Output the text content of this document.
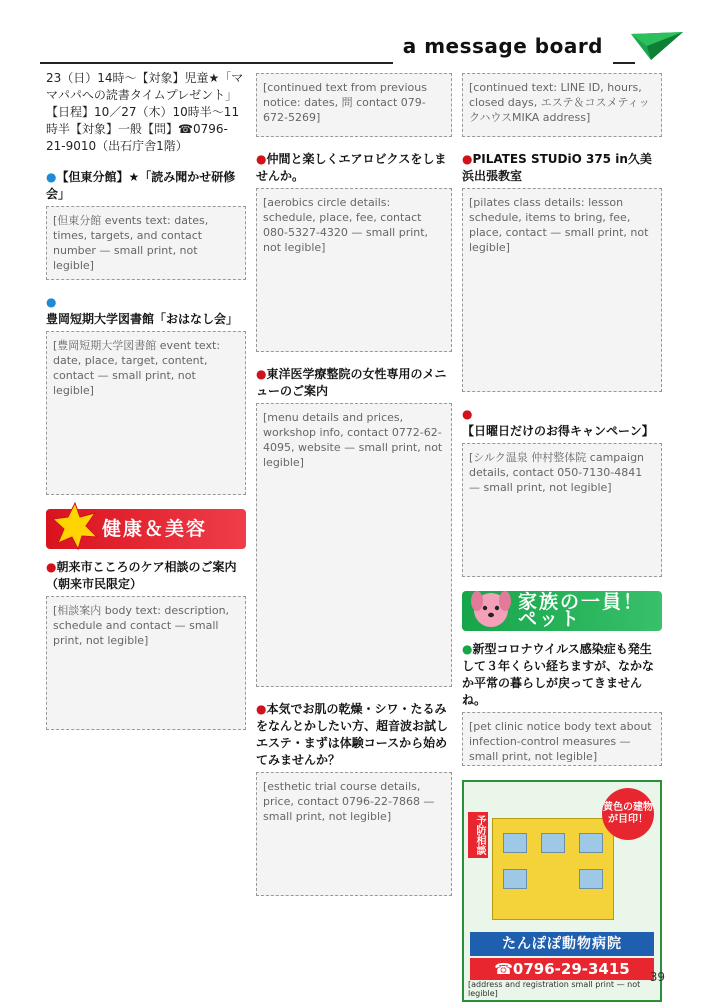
a message board
23（日）14時～【対象】児童★「ママパパへの読書タイムプレゼント」【日程】10／27（木）10時半～11時半【対象】一般【問】☎0796-21-9010（出石庁舎1階）
●【但東分館】★「読み聞かせ研修会」
[但東分館 events text: dates, times, targets, and contact number — small print, not legible]
●豊岡短期大学図書館「おはなし会」
[豊岡短期大学図書館 event text: date, place, target, content, contact — small print, not legible]
健康＆美容
●朝来市こころのケア相談のご案内（朝来市民限定）
[相談案内 body text: description, schedule and contact — small print, not legible]
[continued text from previous notice: dates, 問 contact 079-672-5269]
●仲間と楽しくエアロビクスをしませんか。
[aerobics circle details: schedule, place, fee, contact 080-5327-4320 — small print, not legible]
●東洋医学療整院の女性専用のメニューのご案内
[menu details and prices, workshop info, contact 0772-62-4095, website — small print, not legible]
●本気でお肌の乾燥・シワ・たるみをなんとかしたい方、超音波お試しエステ・まずは体験コースから始めてみませんか？
[esthetic trial course details, price, contact 0796-22-7868 — small print, not legible]
[continued text: LINE ID, hours, closed days, エステ＆コスメティックハウスMIKA address]
●PILATES STUDiO 375 in久美浜出張教室
[pilates class details: lesson schedule, items to bring, fee, place, contact — small print, not legible]
●【日曜日だけのお得キャンペーン】
[シルク温泉 仲村整体院 campaign details, contact 050-7130-4841 — small print, not legible]
家族の一員！ペット
●新型コロナウイルス感染症も発生して３年くらい経ちますが、なかなか平常の暮らしが戻ってきませんね。
[pet clinic notice body text about infection-control measures — small print, not legible]
予防相談
黄色の建物が目印！
たんぽぽ動物病院
☎0796-29-3415
[address and registration small print — not legible]
39
